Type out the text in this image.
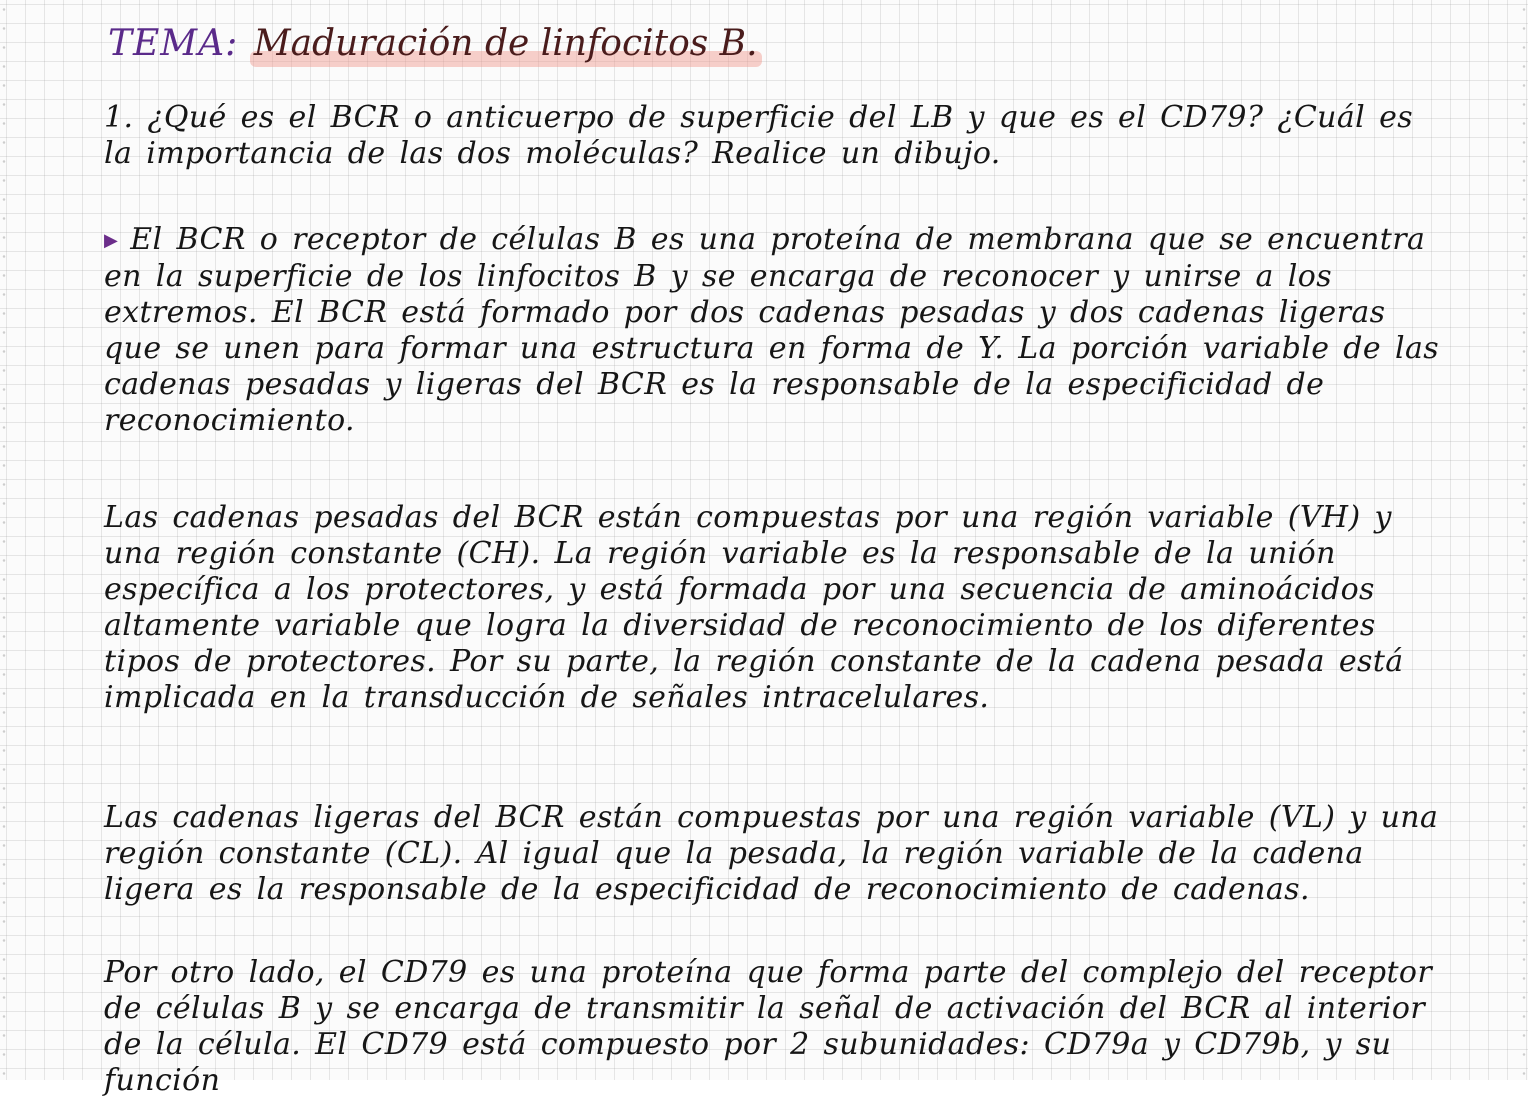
TEMA: Maduración de linfocitos B.
1. ¿Qué es el BCR o anticuerpo de superficie del LB y que es el CD79? ¿Cuál es la importancia de las dos moléculas? Realice un dibujo.
▶ El BCR o receptor de células B es una proteína de membrana que se encuentra en la superficie de los linfocitos B y se encarga de reconocer y unirse a los extremos. El BCR está formado por dos cadenas pesadas y dos cadenas ligeras que se unen para formar una estructura en forma de Y. La porción variable de las cadenas pesadas y ligeras del BCR es la responsable de la especificidad de reconocimiento.
Las cadenas pesadas del BCR están compuestas por una región variable (VH) y una región constante (CH). La región variable es la responsable de la unión específica a los protectores, y está formada por una secuencia de aminoácidos altamente variable que logra la diversidad de reconocimiento de los diferentes tipos de protectores. Por su parte, la región constante de la cadena pesada está implicada en la transducción de señales intracelulares.
Las cadenas ligeras del BCR están compuestas por una región variable (VL) y una región constante (CL). Al igual que la pesada, la región variable de la cadena ligera es la responsable de la especificidad de reconocimiento de cadenas.
Por otro lado, el CD79 es una proteína que forma parte del complejo del receptor de células B y se encarga de transmitir la señal de activación del BCR al interior de la célula. El CD79 está compuesto por 2 subunidades: CD79a y CD79b, y su función
